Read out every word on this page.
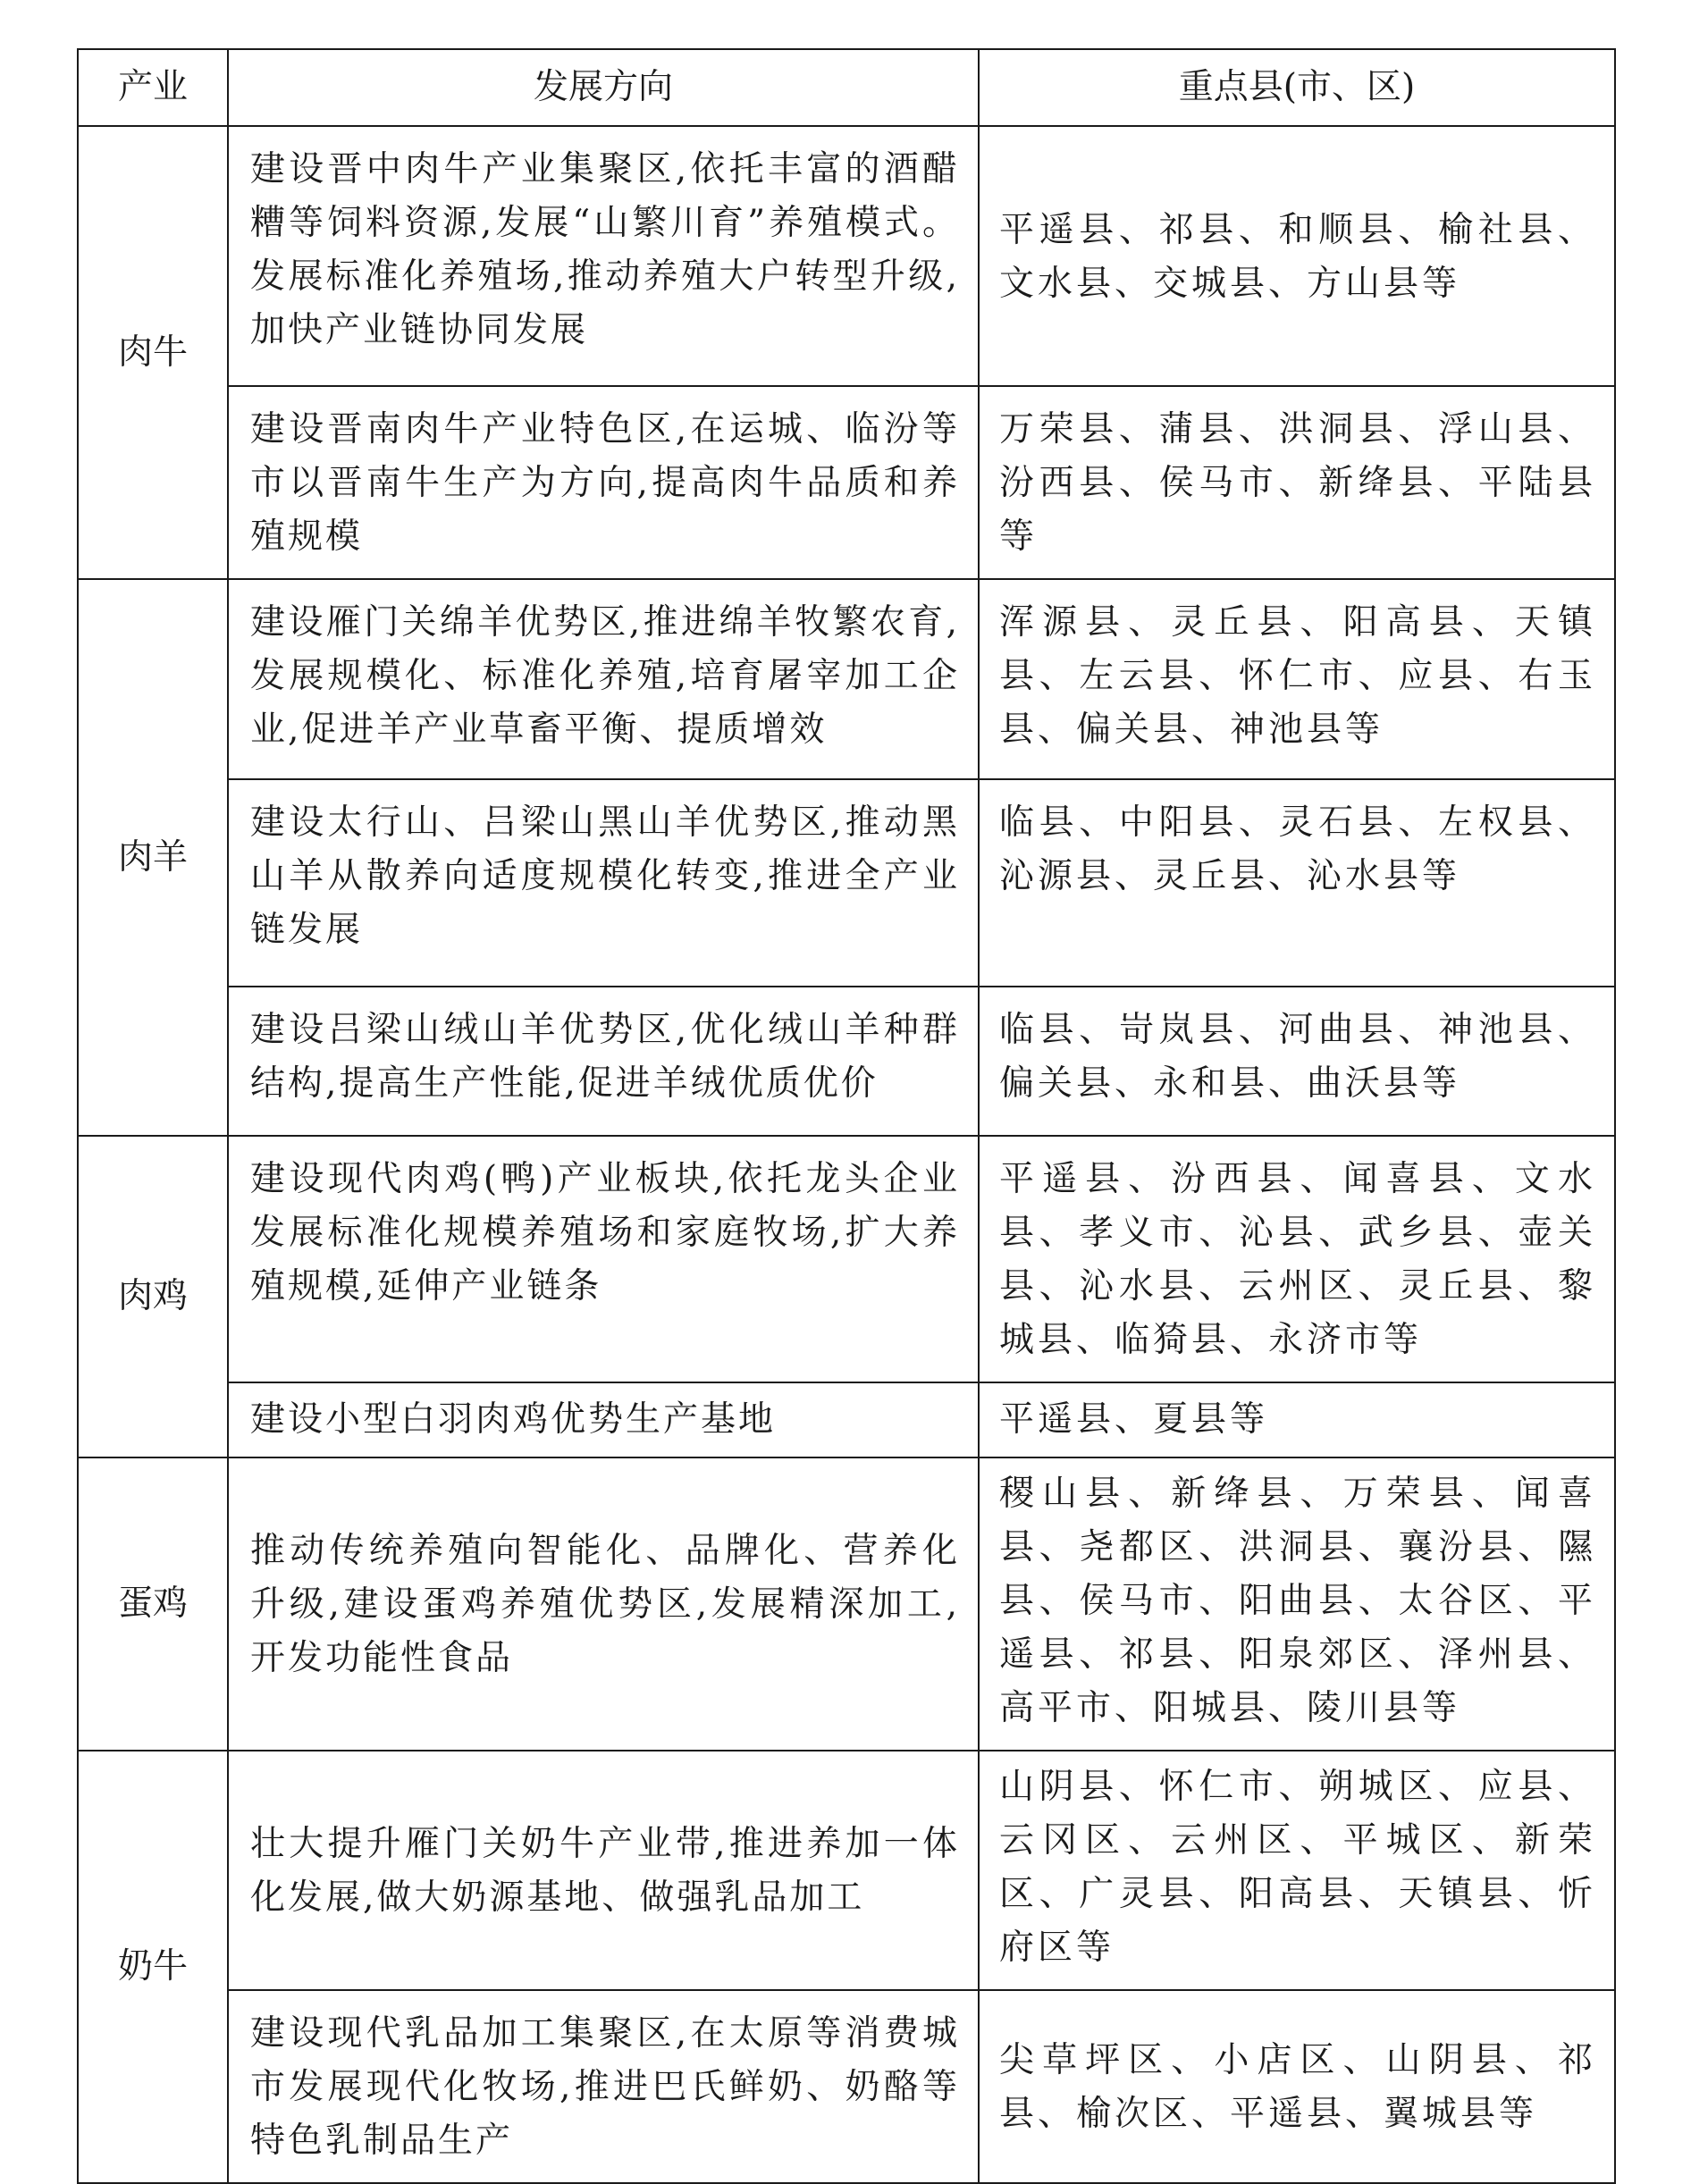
产业	发展方向	重点县(市、区)
肉牛	建设晋中肉牛产业集聚区,依托丰富的酒醋糟等饲料资源,发展“山繁川育”养殖模式。发展标准化养殖场,推动养殖大户转型升级,加快产业链协同发展	平遥县、祁县、和顺县、榆社县、文水县、交城县、方山县等
	建设晋南肉牛产业特色区,在运城、临汾等市以晋南牛生产为方向,提高肉牛品质和养殖规模	万荣县、蒲县、洪洞县、浮山县、汾西县、侯马市、新绛县、平陆县等
肉羊	建设雁门关绵羊优势区,推进绵羊牧繁农育,发展规模化、标准化养殖,培育屠宰加工企业,促进羊产业草畜平衡、提质增效	浑源县、灵丘县、阳高县、天镇县、左云县、怀仁市、应县、右玉县、偏关县、神池县等
	建设太行山、吕梁山黑山羊优势区,推动黑山羊从散养向适度规模化转变,推进全产业链发展	临县、中阳县、灵石县、左权县、沁源县、灵丘县、沁水县等
	建设吕梁山绒山羊优势区,优化绒山羊种群结构,提高生产性能,促进羊绒优质优价	临县、岢岚县、河曲县、神池县、偏关县、永和县、曲沃县等
肉鸡	建设现代肉鸡(鸭)产业板块,依托龙头企业发展标准化规模养殖场和家庭牧场,扩大养殖规模,延伸产业链条	平遥县、汾西县、闻喜县、文水县、孝义市、沁县、武乡县、壶关县、沁水县、云州区、灵丘县、黎城县、临猗县、永济市等
	建设小型白羽肉鸡优势生产基地	平遥县、夏县等
蛋鸡	推动传统养殖向智能化、品牌化、营养化升级,建设蛋鸡养殖优势区,发展精深加工,开发功能性食品	稷山县、新绛县、万荣县、闻喜县、尧都区、洪洞县、襄汾县、隰县、侯马市、阳曲县、太谷区、平遥县、祁县、阳泉郊区、泽州县、高平市、阳城县、陵川县等
奶牛	壮大提升雁门关奶牛产业带,推进养加一体化发展,做大奶源基地、做强乳品加工	山阴县、怀仁市、朔城区、应县、云冈区、云州区、平城区、新荣区、广灵县、阳高县、天镇县、忻府区等
	建设现代乳品加工集聚区,在太原等消费城市发展现代化牧场,推进巴氏鲜奶、奶酪等特色乳制品生产	尖草坪区、小店区、山阴县、祁县、榆次区、平遥县、翼城县等
